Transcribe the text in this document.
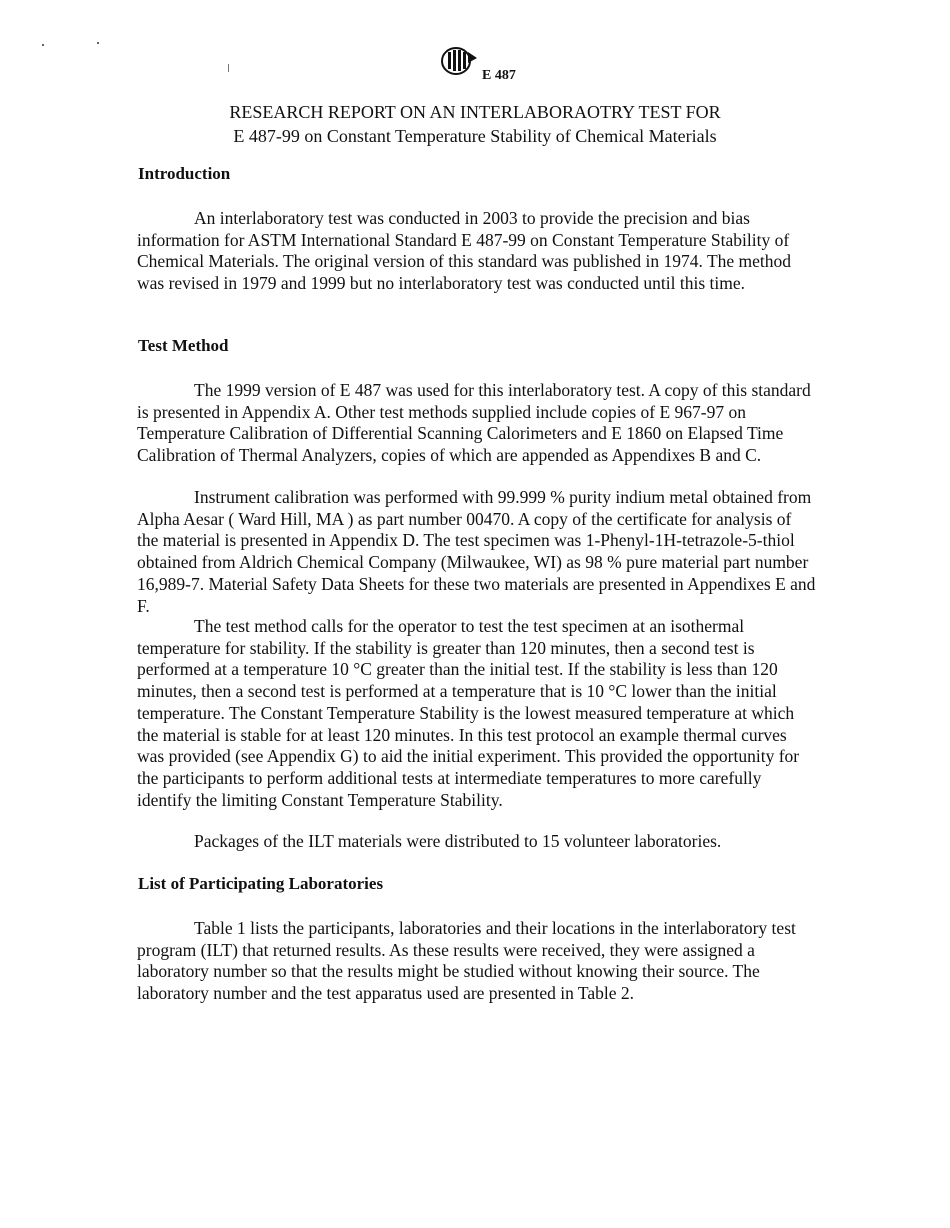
E 487
RESEARCH REPORT ON AN INTERLABORAOTRY TEST FOR
E 487-99 on Constant Temperature Stability of Chemical Materials
Introduction

An interlaboratory test was conducted in 2003 to provide the precision and bias information for ASTM International Standard E 487-99 on Constant Temperature Stability of Chemical Materials. The original version of this standard was published in 1974. The method was revised in 1979 and 1999 but no interlaboratory test was conducted until this time.

Test Method

The 1999 version of E 487 was used for this interlaboratory test. A copy of this standard is presented in Appendix A. Other test methods supplied include copies of E 967-97 on Temperature Calibration of Differential Scanning Calorimeters and E 1860 on Elapsed Time Calibration of Thermal Analyzers, copies of which are appended as Appendixes B and C.

Instrument calibration was performed with 99.999 % purity indium metal obtained from Alpha Aesar ( Ward Hill, MA ) as part number 00470. A copy of the certificate for analysis of the material is presented in Appendix D. The test specimen was 1-Phenyl-1H-tetrazole-5-thiol obtained from Aldrich Chemical Company (Milwaukee, WI) as 98 % pure material part number 16,989-7. Material Safety Data Sheets for these two materials are presented in Appendixes E and F.

The test method calls for the operator to test the test specimen at an isothermal temperature for stability. If the stability is greater than 120 minutes, then a second test is performed at a temperature 10 °C greater than the initial test. If the stability is less than 120 minutes, then a second test is performed at a temperature that is 10 °C lower than the initial temperature. The Constant Temperature Stability is the lowest measured temperature at which the material is stable for at least 120 minutes. In this test protocol an example thermal curves was provided (see Appendix G) to aid the initial experiment. This provided the opportunity for the participants to perform additional tests at intermediate temperatures to more carefully identify the limiting Constant Temperature Stability.

Packages of the ILT materials were distributed to 15 volunteer laboratories.

List of Participating Laboratories

Table 1 lists the participants, laboratories and their locations in the interlaboratory test program (ILT) that returned results. As these results were received, they were assigned a laboratory number so that the results might be studied without knowing their source. The laboratory number and the test apparatus used are presented in Table 2.
